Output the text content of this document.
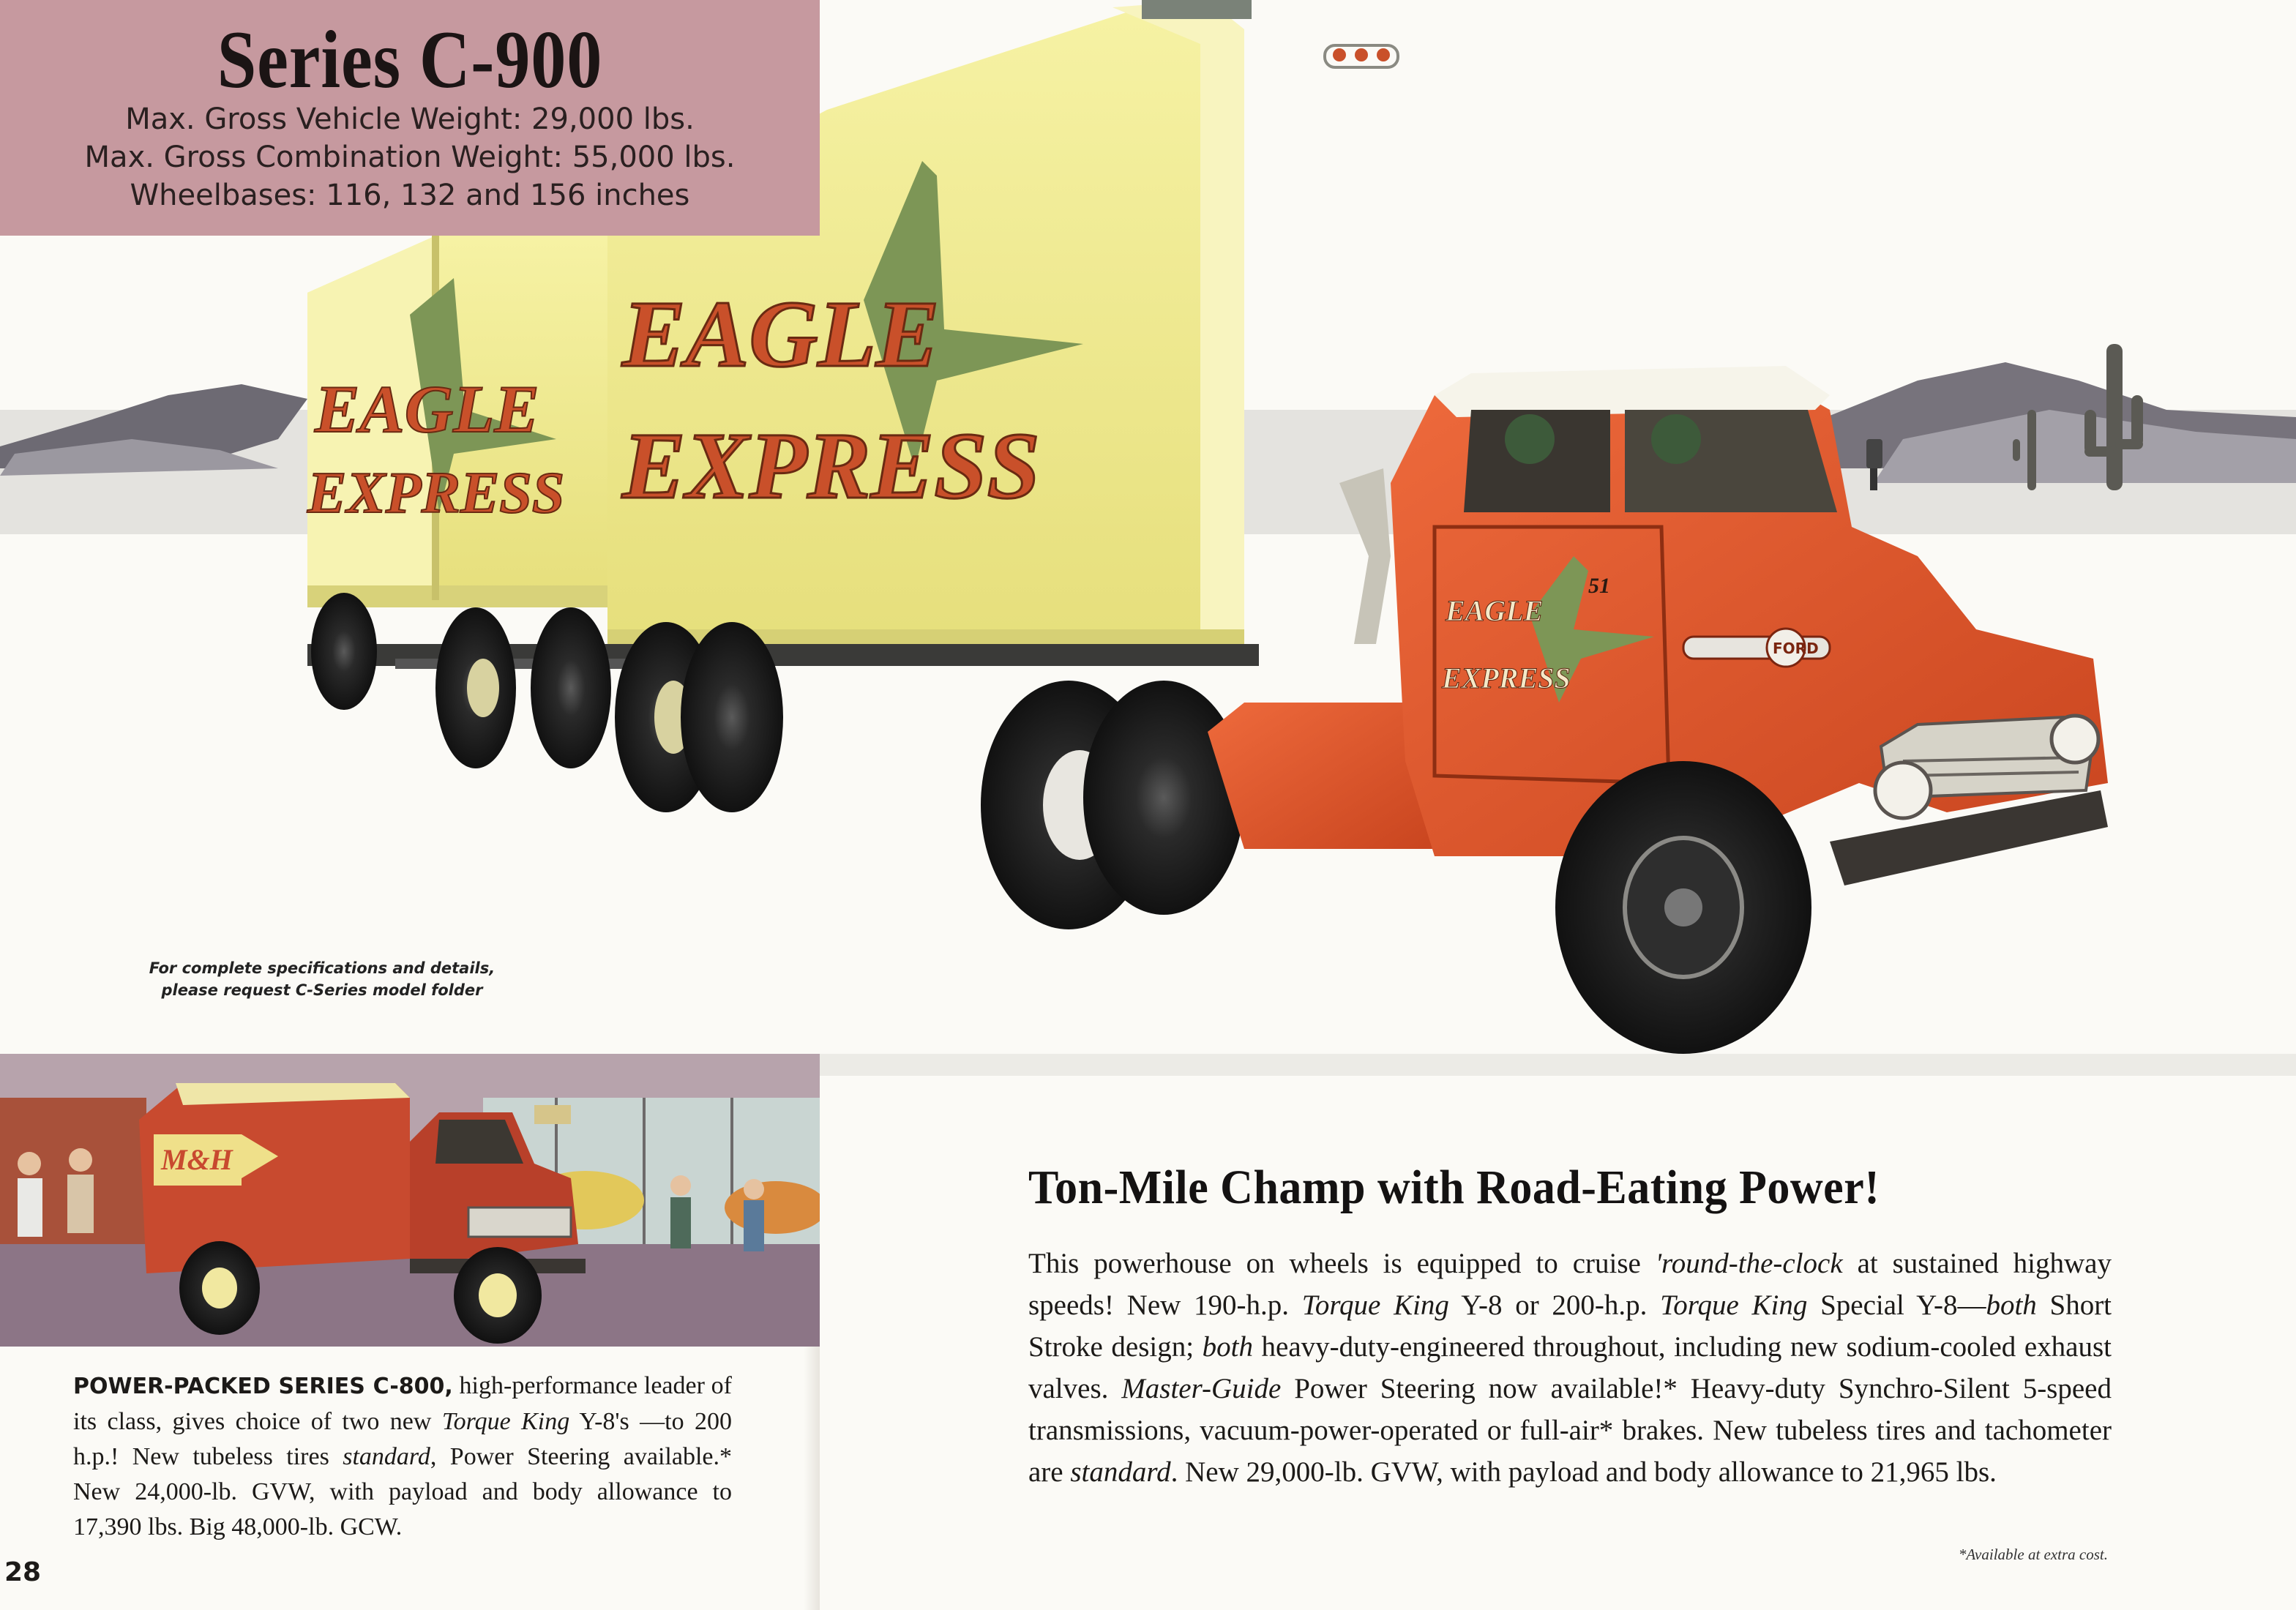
EAGLE
EXPRESS
EAGLE
EXPRESS
51
EAGLE
EXPRESS
FORD
Series C-900
Max. Gross Vehicle Weight: 29,000 lbs.
Max. Gross Combination Weight: 55,000 lbs.
Wheelbases: 116, 132 and 156 inches
For complete specifications and details,
please request C-Series model folder
M&H
POWER-PACKED SERIES C-800, high-performance leader of its class, gives choice of two new Torque King Y-8's —to 200 h.p.! New tubeless tires standard, Power Steering available.* New 24,000-lb. GVW, with payload and body allowance to 17,390 lbs. Big 48,000-lb. GCW.
28
Ton-Mile Champ with Road-Eating Power!
This powerhouse on wheels is equipped to cruise 'round-the-clock at sustained highway speeds! New 190-h.p. Torque King Y-8 or 200-h.p. Torque King Special Y-8—both Short Stroke design; both heavy-duty-engineered throughout, including new sodium-cooled exhaust valves. Master-Guide Power Steering now available!* Heavy-duty Synchro-Silent 5-speed transmissions, vacuum-power-operated or full-air* brakes. New tubeless tires and tachometer are standard. New 29,000-lb. GVW, with payload and body allowance to 21,965 lbs.
*Available at extra cost.
